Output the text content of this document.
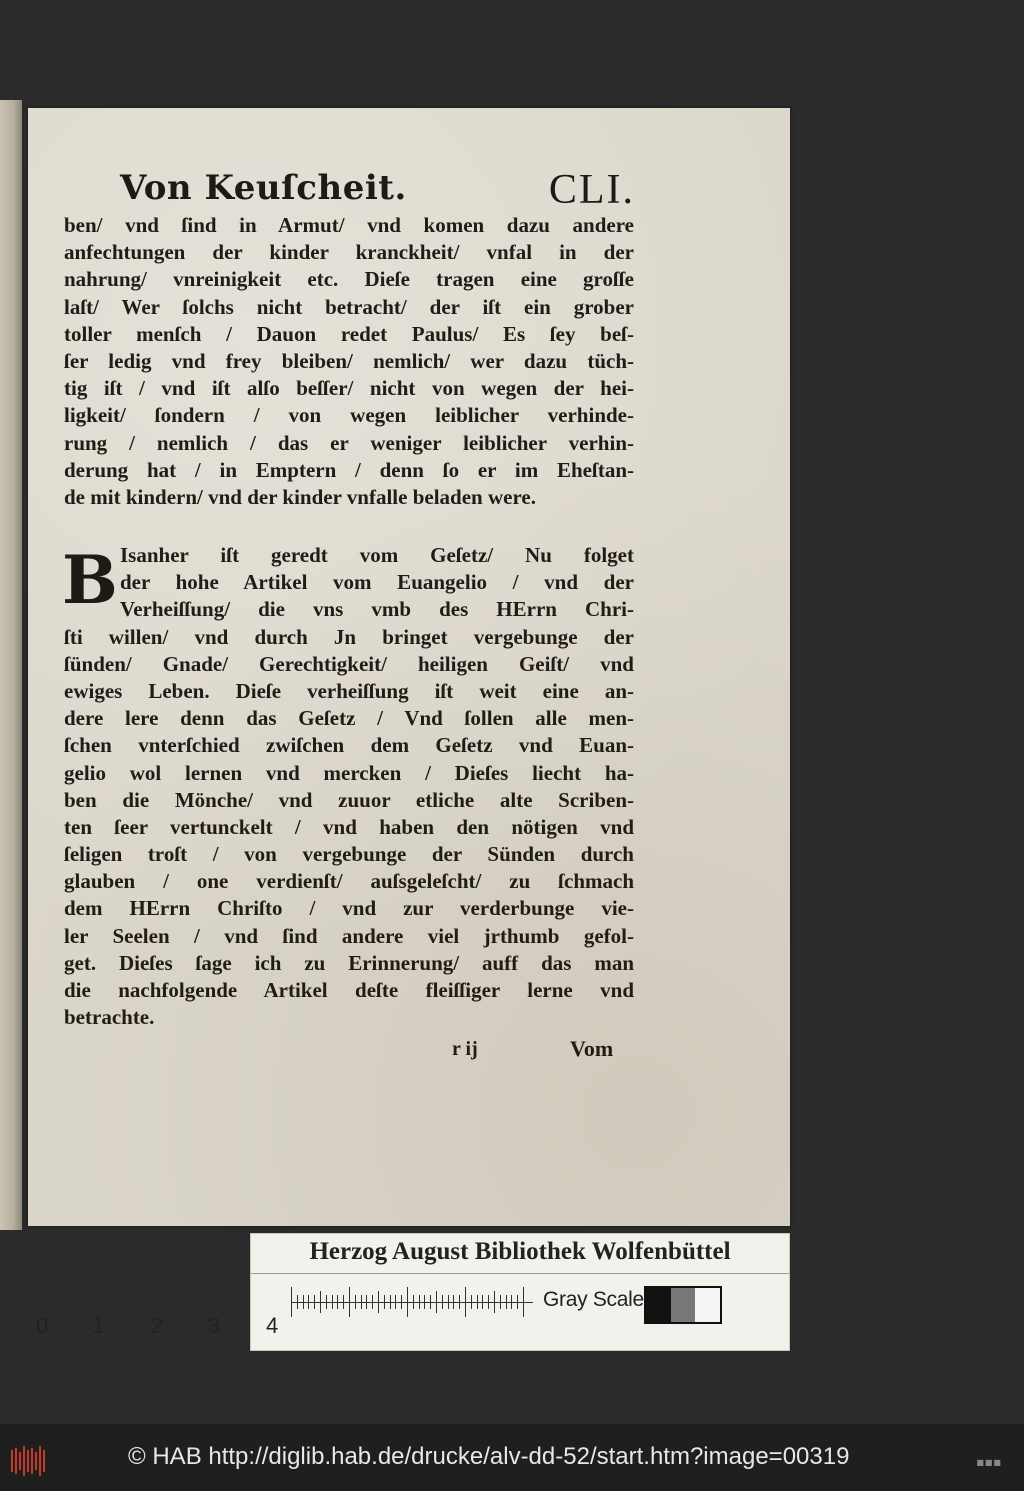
Von Keuſcheit.	CLI.
ben/ vnd ſind in Armut/ vnd komen dazu andere
anfechtungen der kinder kranckheit/ vnfal in der
nahrung/ vnreinigkeit etc. Dieſe tragen eine groſſe
laſt/ Wer ſolchs nicht betracht/ der iſt ein grober
toller menſch / Dauon redet Paulus/ Es ſey beſ-
ſer ledig vnd frey bleiben/ nemlich/ wer dazu tüch-
tig iſt / vnd iſt alſo beſſer/ nicht von wegen der hei-
ligkeit/ ſondern / von wegen leiblicher verhinde-
rung / nemlich / das er weniger leiblicher verhin-
derung hat / in Emptern / denn ſo er im Eheſtan-
de mit kindern/ vnd der kinder vnfalle beladen were.
B Isanher iſt geredt vom Geſetz/ Nu folget
der hohe Artikel vom Euangelio / vnd der
Verheiſſung/ die vns vmb des HErrn Chri-
ſti willen/ vnd durch Jn bringet vergebunge der
ſünden/ Gnade/ Gerechtigkeit/ heiligen Geiſt/ vnd
ewiges Leben. Dieſe verheiſſung iſt weit eine an-
dere lere denn das Geſetz / Vnd ſollen alle men-
ſchen vnterſchied zwiſchen dem Geſetz vnd Euan-
gelio wol lernen vnd mercken / Dieſes liecht ha-
ben die Mönche/ vnd zuuor etliche alte Scriben-
ten ſeer vertunckelt / vnd haben den nötigen vnd
ſeligen troſt / von vergebunge der Sünden durch
glauben / one verdienſt/ auſsgeleſcht/ zu ſchmach
dem HErrn Chriſto / vnd zur verderbunge vie-
ler Seelen / vnd ſind andere viel jrthumb gefol-
get. Dieſes ſage ich zu Erinnerung/ auff das man
die nachfolgende Artikel deſte fleiſſiger lerne vnd
betrachte.
r ij	Vom
Herzog August Bibliothek Wolfenbüttel
Gray Scale
0 1 2 3 4
© HAB http://diglib.hab.de/drucke/alv-dd-52/start.htm?image=00319	■■■
